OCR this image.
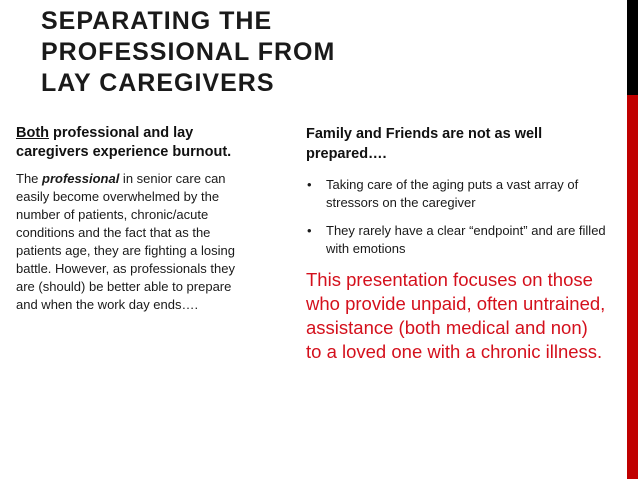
SEPARATING THE
PROFESSIONAL FROM
LAY CAREGIVERS
Both professional and lay caregivers experience burnout.

The professional in senior care can easily become overwhelmed by the number of patients, chronic/acute conditions and the fact that as the patients age, they are fighting a losing battle. However, as professionals they are (should) be better able to prepare and when the work day ends….

Family and Friends are not as well prepared….
• Taking care of the aging puts a vast array of stressors on the caregiver
• They rarely have a clear “endpoint” and are filled with emotions

This presentation focuses on those who provide unpaid, often untrained, assistance (both medical and non) to a loved one with a chronic illness.
